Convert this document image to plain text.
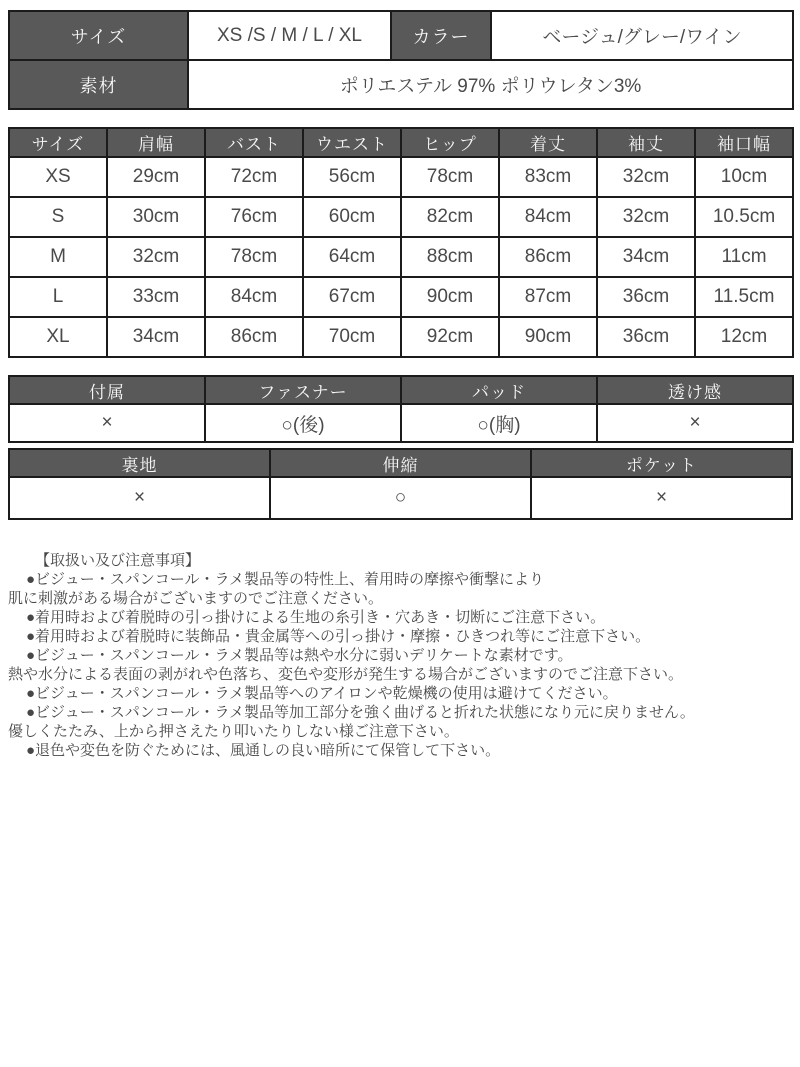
サイズ	XS /S / M / L / XL	カラー	ベージュ/グレー/ワイン
素材	ポリエステル 97% ポリウレタン3%		
サイズ	肩幅	バスト	ウエスト	ヒップ	着丈	袖丈	袖口幅
XS	29cm	72cm	56cm	78cm	83cm	32cm	10cm
S	30cm	76cm	60cm	82cm	84cm	32cm	10.5cm
M	32cm	78cm	64cm	88cm	86cm	34cm	11cm
L	33cm	84cm	67cm	90cm	87cm	36cm	11.5cm
XL	34cm	86cm	70cm	92cm	90cm	36cm	12cm
付属	ファスナー	パッド	透け感
×	○(後)	○(胸)	×
裏地	伸縮	ポケット
×	○	×
【取扱い及び注意事項】
●ビジュー・スパンコール・ラメ製品等の特性上、着用時の摩擦や衝撃により
肌に刺激がある場合がございますのでご注意ください。
●着用時および着脱時の引っ掛けによる生地の糸引き・穴あき・切断にご注意下さい。
●着用時および着脱時に装飾品・貴金属等への引っ掛け・摩擦・ひきつれ等にご注意下さい。
●ビジュー・スパンコール・ラメ製品等は熱や水分に弱いデリケートな素材です。
熱や水分による表面の剥がれや色落ち、変色や変形が発生する場合がございますのでご注意下さい。
●ビジュー・スパンコール・ラメ製品等へのアイロンや乾燥機の使用は避けてください。
●ビジュー・スパンコール・ラメ製品等加工部分を強く曲げると折れた状態になり元に戻りません。
優しくたたみ、上から押さえたり叩いたりしない様ご注意下さい。
●退色や変色を防ぐためには、風通しの良い暗所にて保管して下さい。
